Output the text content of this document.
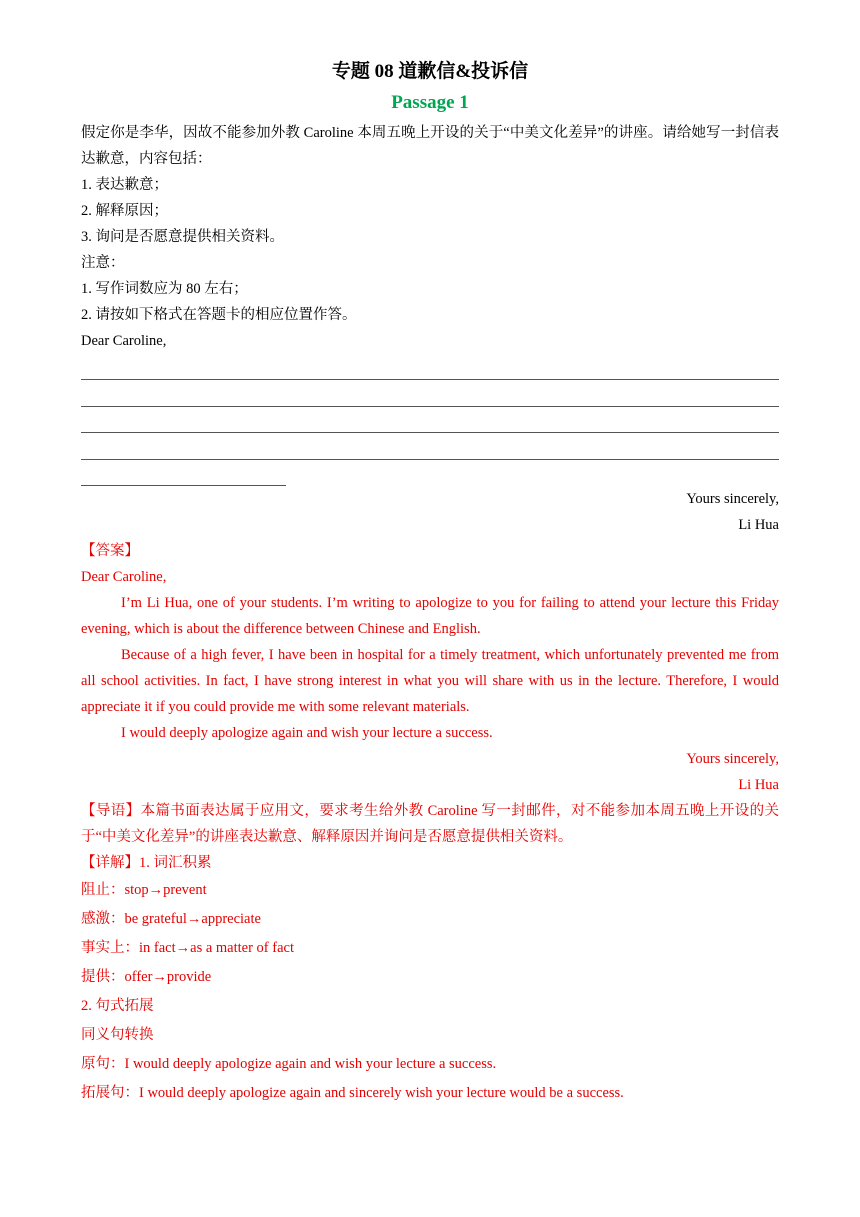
专题 08 道歉信&投诉信

Passage 1

假定你是李华，因故不能参加外教 Caroline 本周五晚上开设的关于“中美文化差异”的讲座。请给她写一封信表达歉意，内容包括：

1. 表达歉意；

2. 解释原因；

3. 询问是否愿意提供相关资料。

注意：

1. 写作词数应为 80 左右；

2. 请按如下格式在答题卡的相应位置作答。

Dear Caroline,

Yours sincerely,

Li Hua

【答案】

Dear Caroline,

I’m Li Hua, one of your students. I’m writing to apologize to you for failing to attend your lecture this Friday evening, which is about the difference between Chinese and English.

Because of a high fever, I have been in hospital for a timely treatment, which unfortunately prevented me from all school activities. In fact, I have strong interest in what you will share with us in the lecture. Therefore, I would appreciate it if you could provide me with some relevant materials.

I would deeply apologize again and wish your lecture a success.

Yours sincerely,

Li Hua

【导语】本篇书面表达属于应用文，要求考生给外教 Caroline 写一封邮件，对不能参加本周五晚上开设的关于“中美文化差异”的讲座表达歉意、解释原因并询问是否愿意提供相关资料。

【详解】1. 词汇积累

阻止：stop→prevent

感激：be grateful→appreciate

事实上：in fact→as a matter of fact

提供：offer→provide

2. 句式拓展

同义句转换

原句：I would deeply apologize again and wish your lecture a success.

拓展句：I would deeply apologize again and sincerely wish your lecture would be a success.
